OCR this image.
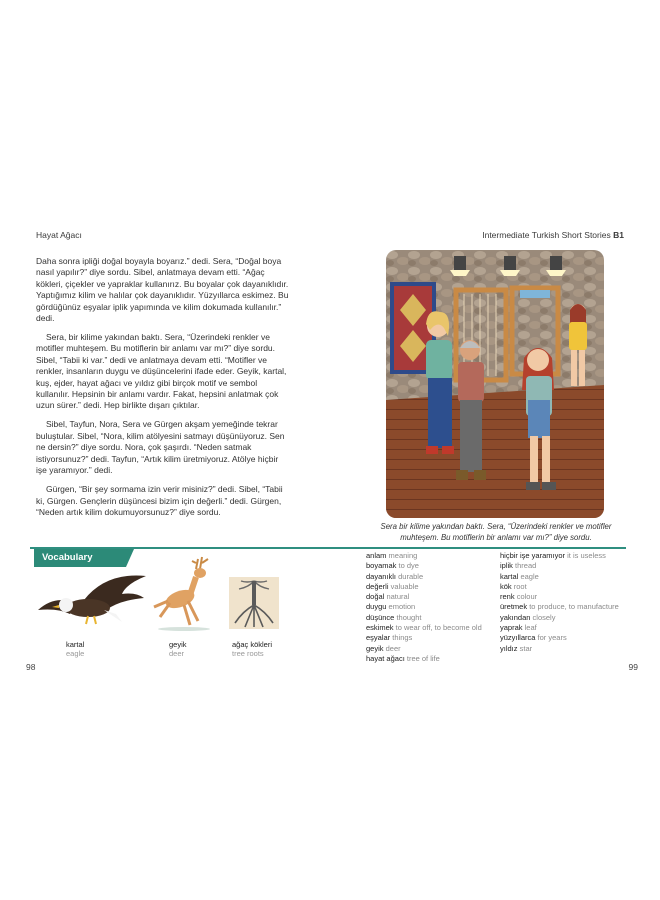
Hayat Ağacı	Intermediate Turkish Short Stories B1

Daha sonra ipliği doğal boyayla boyarız.” dedi. Sera, “Doğal boya nasıl yapılır?” diye sordu. Sibel, anlatmaya devam etti. “Ağaç kökleri, çiçekler ve yapraklar kullanırız. Bu boyalar çok dayanıklıdır. Yaptığımız kilim ve halılar çok dayanıklıdır. Yüzyıllarca eskimez. Bu gördüğünüz eşyalar iplik yapımında ve kilim dokumada kullanılır.” dedi.

Sera, bir kilime yakından baktı. Sera, “Üzerindeki renkler ve motifler muhteşem. Bu motiflerin bir anlamı var mı?” diye sordu. Sibel, “Tabii ki var.” dedi ve anlatmaya devam etti. “Motifler ve renkler, insanların duygu ve düşüncelerini ifade eder. Geyik, kartal, kuş, ejder, hayat ağacı ve yıldız gibi birçok motif ve sembol kullanılır. Hepsinin bir anlamı vardır. Fakat, hepsini anlatmak çok uzun sürer.” dedi. Hep birlikte dışarı çıktılar.

Sibel, Tayfun, Nora, Sera ve Gürgen akşam yemeğinde tekrar buluştular. Sibel, “Nora, kilim atölyesini satmayı düşünüyoruz. Sen ne dersin?” diye sordu. Nora, çok şaşırdı. “Neden satmak istiyorsunuz?” dedi. Tayfun, “Artık kilim üretmiyoruz. Atölye hiçbir işe yaramıyor.” dedi.

Gürgen, “Bir şey sormama izin verir misiniz?” dedi. Sibel, “Tabii ki, Gürgen. Gençlerin düşüncesi bizim için değerli.” dedi. Gürgen, “Neden artık kilim dokumuyorsunuz?” diye sordu.

Sera bir kilime yakından baktı. Sera, “Üzerindeki renkler ve motifler muhteşem. Bu motiflerin bir anlamı var mı?” diye sordu.
Vocabulary
kartal
eagle
geyik
deer
ağaç kökleri
tree roots
anlam meaning
boyamak to dye
dayanıklı durable
değerli valuable
doğal natural
duygu emotion
düşünce thought
eskimek to wear off, to become old
eşyalar things
geyik deer
hayat ağacı tree of life
hiçbir işe yaramıyor it is useless
iplik thread
kartal eagle
kök root
renk colour
üretmek to produce, to manufacture
yakından closely
yaprak leaf
yüzyıllarca for years
yıldız star
98	99
